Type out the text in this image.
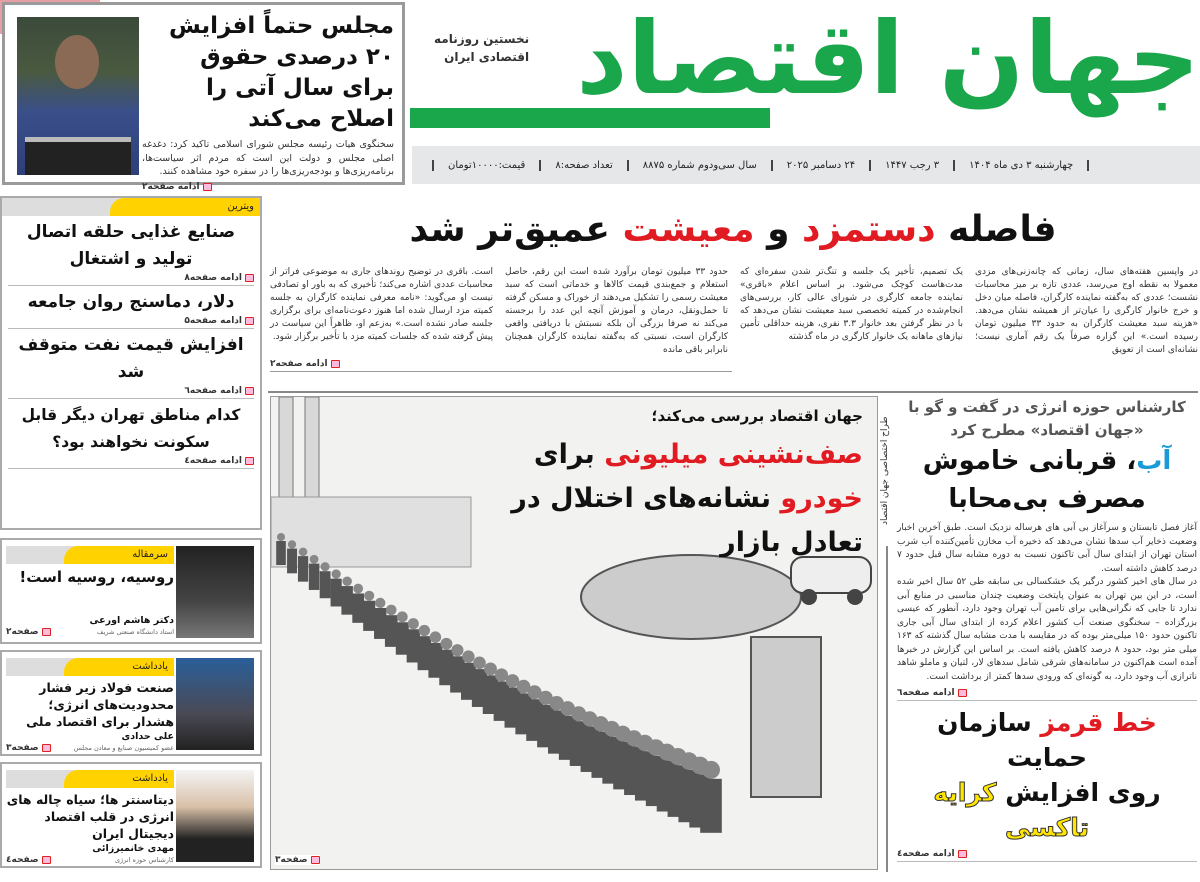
مجلس حتماً افزایش ۲۰ درصدی حقوق برای سال آتی را اصلاح می‌کند
سخنگوی هیات رئیسه مجلس شورای اسلامی تاکید کرد: دغدغه اصلی مجلس و دولت این است که مردم اثر سیاست‌ها، برنامه‌ریزی‌ها و بودجه‌ریزی‌ها را در سفره خود مشاهده کنند.
ادامه صفحه۲
جهان اقتصاد
نخستین روزنامه
اقتصادی ایران
چهارشنبه ۳ دی ماه ۱۴۰۴
۳ رجب ۱۴۴۷
۲۴ دسامبر ۲۰۲۵
سال سی‌ودوم شماره ۸۸۷۵
تعداد صفحه:۸
قیمت:۱۰۰۰۰تومان
فاصله دستمزد و معیشت عمیق‌تر شد

در واپسین هفته‌های سال، زمانی که چانه‌زنی‌های مزدی معمولا به نقطه اوج می‌رسد، عددی تازه بر میز محاسبات نشست؛ عددی که به‌گفته نماینده کارگران، فاصله میان دخل و خرج خانوار کارگری را عیان‌تر از همیشه نشان می‌دهد. «هزینه سبد معیشت کارگران به حدود ۳۳ میلیون تومان رسیده است.» این گزاره صرفاً یک رقم آماری نیست؛ نشانه‌ای است از تعویق

یک تصمیم، تأخیر یک جلسه و تنگ‌تر شدن سفره‌ای که مدت‌هاست کوچک می‌شود. بر اساس اعلام «باقری» نماینده جامعه کارگری در شورای عالی کار، بررسی‌های انجام‌شده در کمیته تخصصی سبد معیشت نشان می‌دهد که با در نظر گرفتن بعد خانوار ۳.۳ نفری، هزینه حداقلی تأمین نیازهای ماهانه یک خانوار کارگری در ماه گذشته

حدود ۳۳ میلیون تومان برآورد شده است این رقم، حاصل استعلام و جمع‌بندی قیمت کالاها و خدماتی است که سبد معیشت رسمی را تشکیل می‌دهند از خوراک و مسکن گرفته تا حمل‌ونقل، درمان و آموزش آنچه این عدد را برجسته می‌کند نه صرفا بزرگی آن بلکه نسبتش با دریافتی واقعی کارگران است، نسبتی که به‌گفته نماینده کارگران همچنان نابرابر باقی مانده

است. باقری در توضیح روندهای جاری به موضوعی فراتر از محاسبات عددی اشاره می‌کند؛ تأخیری که به باور او تصادفی نیست او می‌گوید: «نامه معرفی نماینده کارگران به جلسه کمیته مزد ارسال شده اما هنوز دعوت‌نامه‌ای برای برگزاری جلسه صادر نشده است.» به‌زعم او، ظاهراً این سیاست در پیش گرفته شده که جلسات کمیته مزد با تأخیر برگزار شود.

ادامه صفحه۲
ویترین
صنایع غذایی حلقه اتصال تولید و اشتغال
ادامه صفحه۸
دلار، دماسنج روان جامعه
ادامه صفحه۵
افزایش قیمت نفت متوقف شد
ادامه صفحه٦
کدام مناطق تهران دیگر قابل سکونت نخواهند بود؟
ادامه صفحه٤
سرمقاله
روسیه، روسیه است!
دکتر هاشم اورعی
استاد دانشگاه صنعتی شریف
صفحه۲
یادداشت
صنعت فولاد زیر فشار محدودیت‌های انرژی؛ هشدار برای اقتصاد ملی
علی حدادی
عضو کمیسیون صنایع و معادن مجلس
صفحه۳
یادداشت
دیتاسنتر ها؛ سیاه چاله های انرژی در قلب اقتصاد دیجیتال ایران
مهدی خانمیرزائی
کارشناس حوزه انرژی
صفحه٤
جهان اقتصاد بررسی می‌کند؛
صف‌نشینی میلیونی برای خودرو نشانه‌های اختلال در تعادل بازار
صفحه۳
طراح اختصاصی جهان اقتصاد
کارشناس حوزه انرژی در گفت و گو با «جهان اقتصاد» مطرح کرد
آب، قربانی خاموش
مصرف بی‌محابا

آغاز فصل تابستان و سرآغاز بی آبی های هرساله نزدیک است. طبق آخرین اخبار وضعیت ذخایر آب سدها نشان می‌دهد که ذخیره آب مخازن تأمین‌کننده آب شرب استان تهران از ابتدای سال آبی تاکنون نسبت به دوره مشابه سال قبل حدود ۷ درصد کاهش داشته است.

در سال های اخیر کشور درگیر یک خشکسالی بی سابقه طی ۵۲ سال اخیر شده است، در این بین تهران به عنوان پایتخت وضعیت چندان مناسبی در منابع آبی ندارد تا جایی که نگرانی‌هایی برای تامین آب تهران وجود دارد، آنطور که عیسی بزرگزاده – سخنگوی صنعت آب کشور اعلام کرده از ابتدای سال آبی جاری تاکنون حدود ۱۵۰ میلی‌متر بوده که در مقایسه با مدت مشابه سال گذشته که ۱۶۳ میلی متر بود، حدود ۸ درصد کاهش یافته است. بر اساس این گزارش در خبرها آمده است هم‌اکنون در سامانه‌های شرقی شامل سدهای لار، لتیان و ماملو شاهد ناترازی آب وجود دارد، به گونه‌ای که ورودی سدها کمتر از برداشت است.

ادامه صفحه٦
خط قرمز سازمان حمایت
روی افزایش کرایه تاکسی
ادامه صفحه٤
